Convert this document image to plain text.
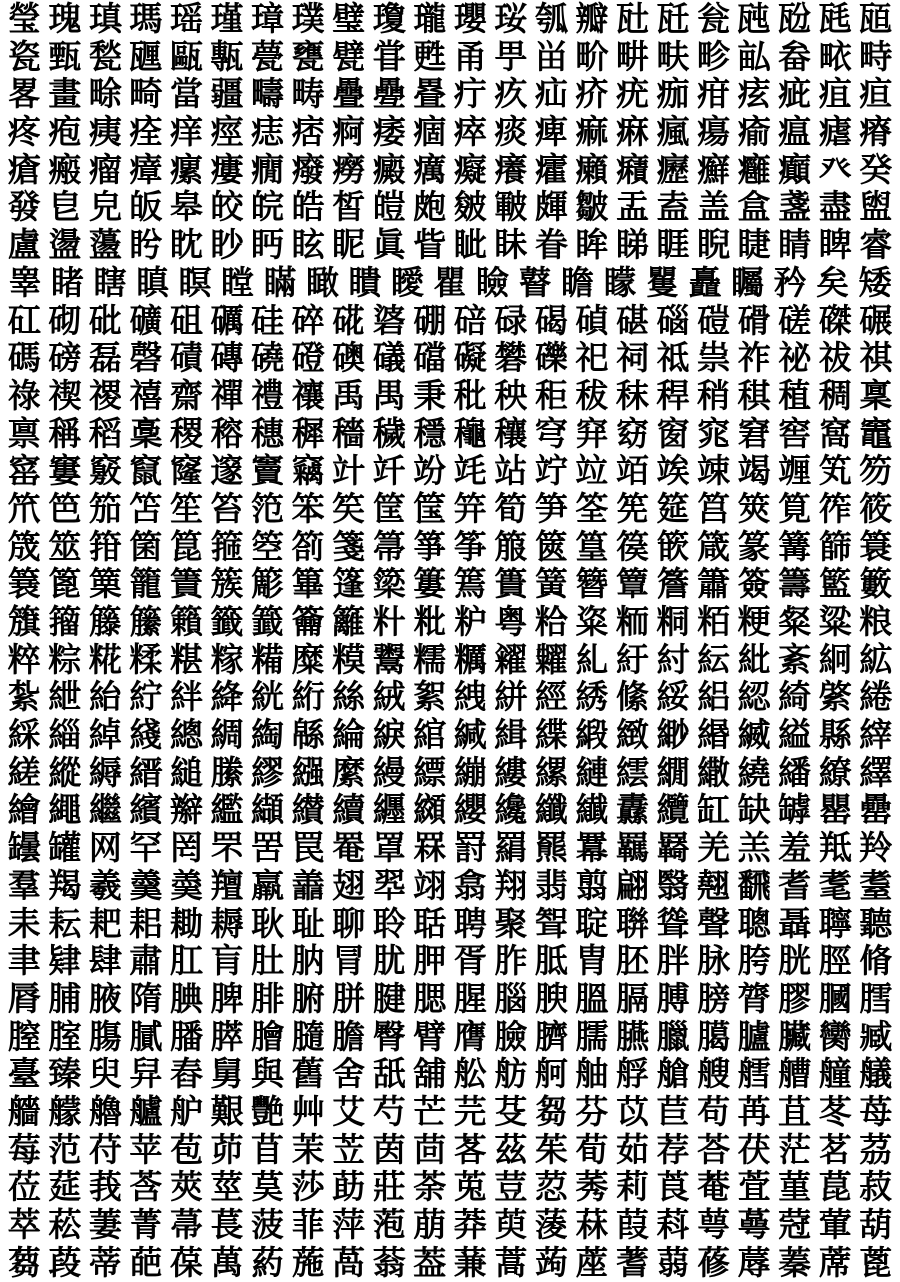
瑩 瑰 瑱 瑪 瑶 瑾 璋 璞 璧 瓊 瓏 瓔 珱 瓠 瓣 瓧 瓩 瓮 瓲 瓰 瓱 瓸
瓷 甄 甃 甅 甌 甎 甍 甕 甓 甞 甦 甬 甼 畄 畍 畊 畉 畛 畆 畚 畩 畤
畧 畫 畭 畸 當 疆 疇 畴 疊 疉 疂 疔 疚 疝 疥 疣 痂 疳 痃 疵 疽 疸
疼 疱 痍 痊 痒 痙 痣 痞 痾 痿 痼 瘁 痰 痺 痲 痳 瘋 瘍 瘉 瘟 瘧 瘠
瘡 瘢 瘤 瘴 瘰 瘻 癇 癈 癆 癜 癘 癡 癢 癨 癩 癪 癧 癬 癰 癲 癶 癸
發 皀 皃 皈 皋 皎 皖 皓 皙 皚 皰 皴 皸 皹 皺 盂 盍 盖 盒 盞 盡 盥
盧 盪 蘯 盻 眈 眇 眄 眩 眤 眞 眥 眦 眛 眷 眸 睇 睚 睨 睫 睛 睥 睿
睾 睹 瞎 瞋 瞑 瞠 瞞 瞰 瞶 瞹 瞿 瞼 瞽 瞻 矇 矍 矗 矚 矜 矣 矮
矼 砌 砒 礦 砠 礪 硅 碎 硴 碆 硼 碚 碌 碣 碵 碪 碯 磑 磆 磋 磔 碾
碼 磅 磊 磬 磧 磚 磽 磴 礇 礒 礑 礙 礬 礫 祀 祠 祗 祟 祚 祕 祓 祺
祿 禊 禝 禧 齋 禪 禮 禳 禹 禺 秉 秕 秧 秬 秡 秣 稈 稍 稘 稙 稠 稟
禀 稱 稻 稾 稷 穃 穗 穉 穡 穢 穩 龝 穰 穹 穽 窈 窗 窕 窘 窖 窩 竈
窰 窶 竅 竄 窿 邃 竇 竊 竍 竏 竕 竓 站 竚 竝 竡 竢 竦 竭 竰 笂 笏
笊 笆 笳 笘 笙 笞 笵 笨 笶 筐 筺 笄 筍 笋 筌 筅 筵 筥 筴 筧 筰 筱
筬 筮 箝 箘 箟 箍 箜 箚 箋 箒 箏 筝 箙 篋 篁 篌 篏 箴 篆 篝 篩 簑
簔 篦 篥 籠 簀 簇 簓 篳 篷 簗 簍 篶 簣 簧 簪 簟 簷 簫 簽 籌 籃 籔
籏 籀 籐 籘 籟 籤 籖 籥 籬 籵 粃 粐 粤 粭 粢 粫 粡 粨 粳 粲 粱 粮
粹 粽 糀 糅 糂 糘 糒 糜 糢 鬻 糯 糲 糴 糶 糺 紆 紂 紜 紕 紊 絅 絋
紮 紲 紿 紵 絆 絳 絖 絎 絲 絨 絮 絏 絣 經 綉 絛 綏 絽 綛 綺 綮 綣
綵 緇 綽 綫 總 綢 綯 緜 綸 綟 綰 緘 緝 緤 緞 緻 緲 緡 縅 縊 縣 縡
縒 縱 縟 縉 縋 縢 繆 繦 縻 縵 縹 繃 縷 縲 縺 繧 繝 繖 繞 繙 繚 繹
繪 繩 繼 繽 辮 繿 纈 纉 續 纒 纐 纓 纔 纖 纎 纛 纜 缸 缺 罅 罌 罍
罎 罐 网 罕 罔 罘 罟 罠 罨 罩 罧 罸 羂 羆 羃 羈 羇 羌 羔 羞 羝 羚
羣 羯 羲 羹 羮 羶 羸 譱 翅 翆 翊 翕 翔 翡 翦 翩 翳 翹 飜 耆 耄 耋
耒 耘 耙 耜 耡 耨 耿 耻 聊 聆 聒 聘 聚 聟 聢 聨 聳 聲 聰 聶 聹 聽
聿 肄 肆 肅 肛 肓 肚 肭 冐 肬 胛 胥 胙 胝 胄 胚 胖 脉 胯 胱 脛 脩
脣 脯 腋 隋 腆 脾 腓 腑 胼 腱 腮 腥 腦 腴 膃 膈 膊 膀 膂 膠 膕 膤
膣 腟 膓 膩 膰 膵 膾 膸 膽 臀 臂 膺 臉 臍 臑 臙 臘 臈 臚 臟 臠 臧
臺 臻 臾 舁 舂 舅 與 舊 舍 舐 舖 舩 舫 舸 舳 艀 艙 艘 艝 艚 艟 艤
艢 艨 艪 艫 舮 艱 艷 艸 艾 芍 芒 芫 芟 芻 芬 苡 苣 苟 苒 苴 苳 苺
莓 范 苻 苹 苞 茆 苜 茉 苙 茵 茴 茖 茲 茱 荀 茹 荐 荅 茯 茫 茗 茘
莅 莚 莪 莟 莢 莖 茣 莎 莇 莊 荼 莵 荳 荵 莠 莉 莨 菴 萓 菫 菎 菽
萃 菘 萋 菁 菷 萇 菠 菲 萍 萢 萠 莽 萸 蔆 菻 葭 萪 萼 蕚 蒄 葷 葫
蒭 葮 蒂 葩 葆 萬 葯 葹 萵 蓊 葢 蒹 蒿 蒟 蓙 蓍 蒻 蓚 蓐 蓁 蓆 蓖
